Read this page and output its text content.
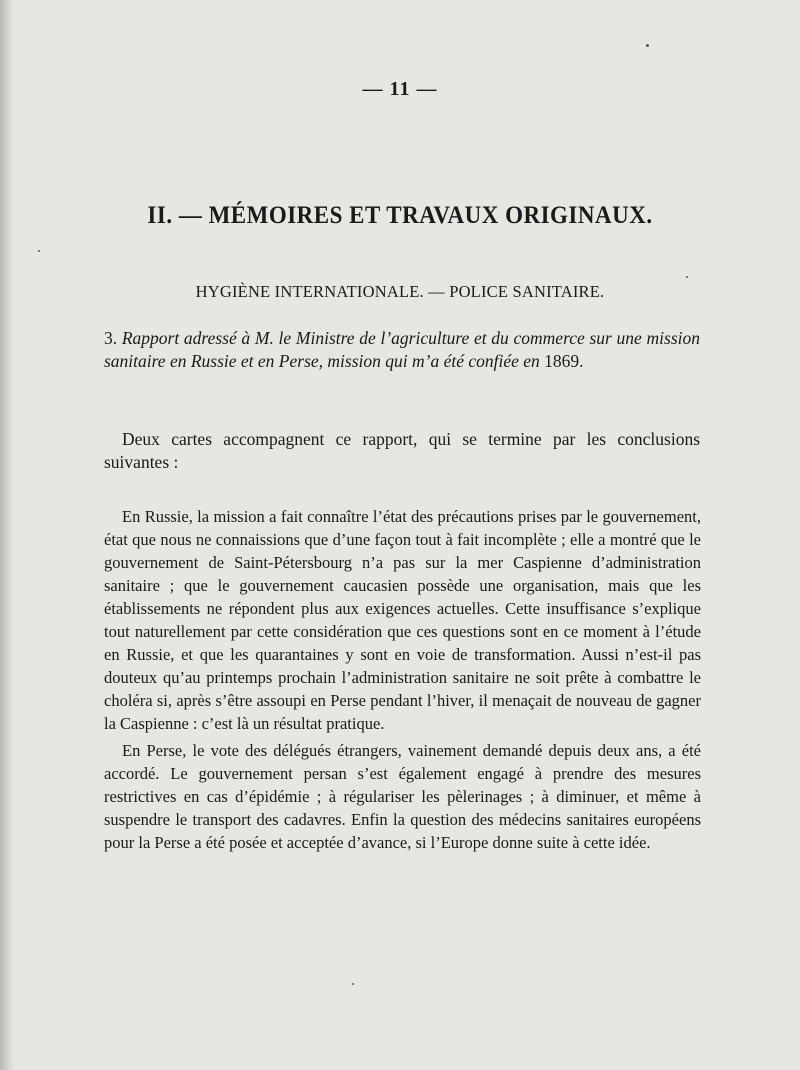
— 11 —
II. — MÉMOIRES ET TRAVAUX ORIGINAUX.
HYGIÈNE INTERNATIONALE. — POLICE SANITAIRE.
3. Rapport adressé à M. le Ministre de l’agriculture et du commerce sur une mission sanitaire en Russie et en Perse, mission qui m’a été confiée en 1869.
Deux cartes accompagnent ce rapport, qui se termine par les conclusions suivantes :

En Russie, la mission a fait connaître l’état des précautions prises par le gouvernement, état que nous ne connaissions que d’une façon tout à fait incomplète ; elle a montré que le gouvernement de Saint-Pétersbourg n’a pas sur la mer Caspienne d’administration sanitaire ; que le gouvernement caucasien possède une organisation, mais que les établissements ne répondent plus aux exigences actuelles. Cette insuffisance s’explique tout naturellement par cette considération que ces questions sont en ce moment à l’étude en Russie, et que les quarantaines y sont en voie de transformation. Aussi n’est-il pas douteux qu’au printemps prochain l’administration sanitaire ne soit prête à combattre le choléra si, après s’être assoupi en Perse pendant l’hiver, il menaçait de nouveau de gagner la Caspienne : c’est là un résultat pratique.

En Perse, le vote des délégués étrangers, vainement demandé depuis deux ans, a été accordé. Le gouvernement persan s’est également engagé à prendre des mesures restrictives en cas d’épidémie ; à régulariser les pèlerinages ; à diminuer, et même à suspendre le transport des cadavres. Enfin la question des médecins sanitaires européens pour la Perse a été posée et acceptée d’avance, si l’Europe donne suite à cette idée.
